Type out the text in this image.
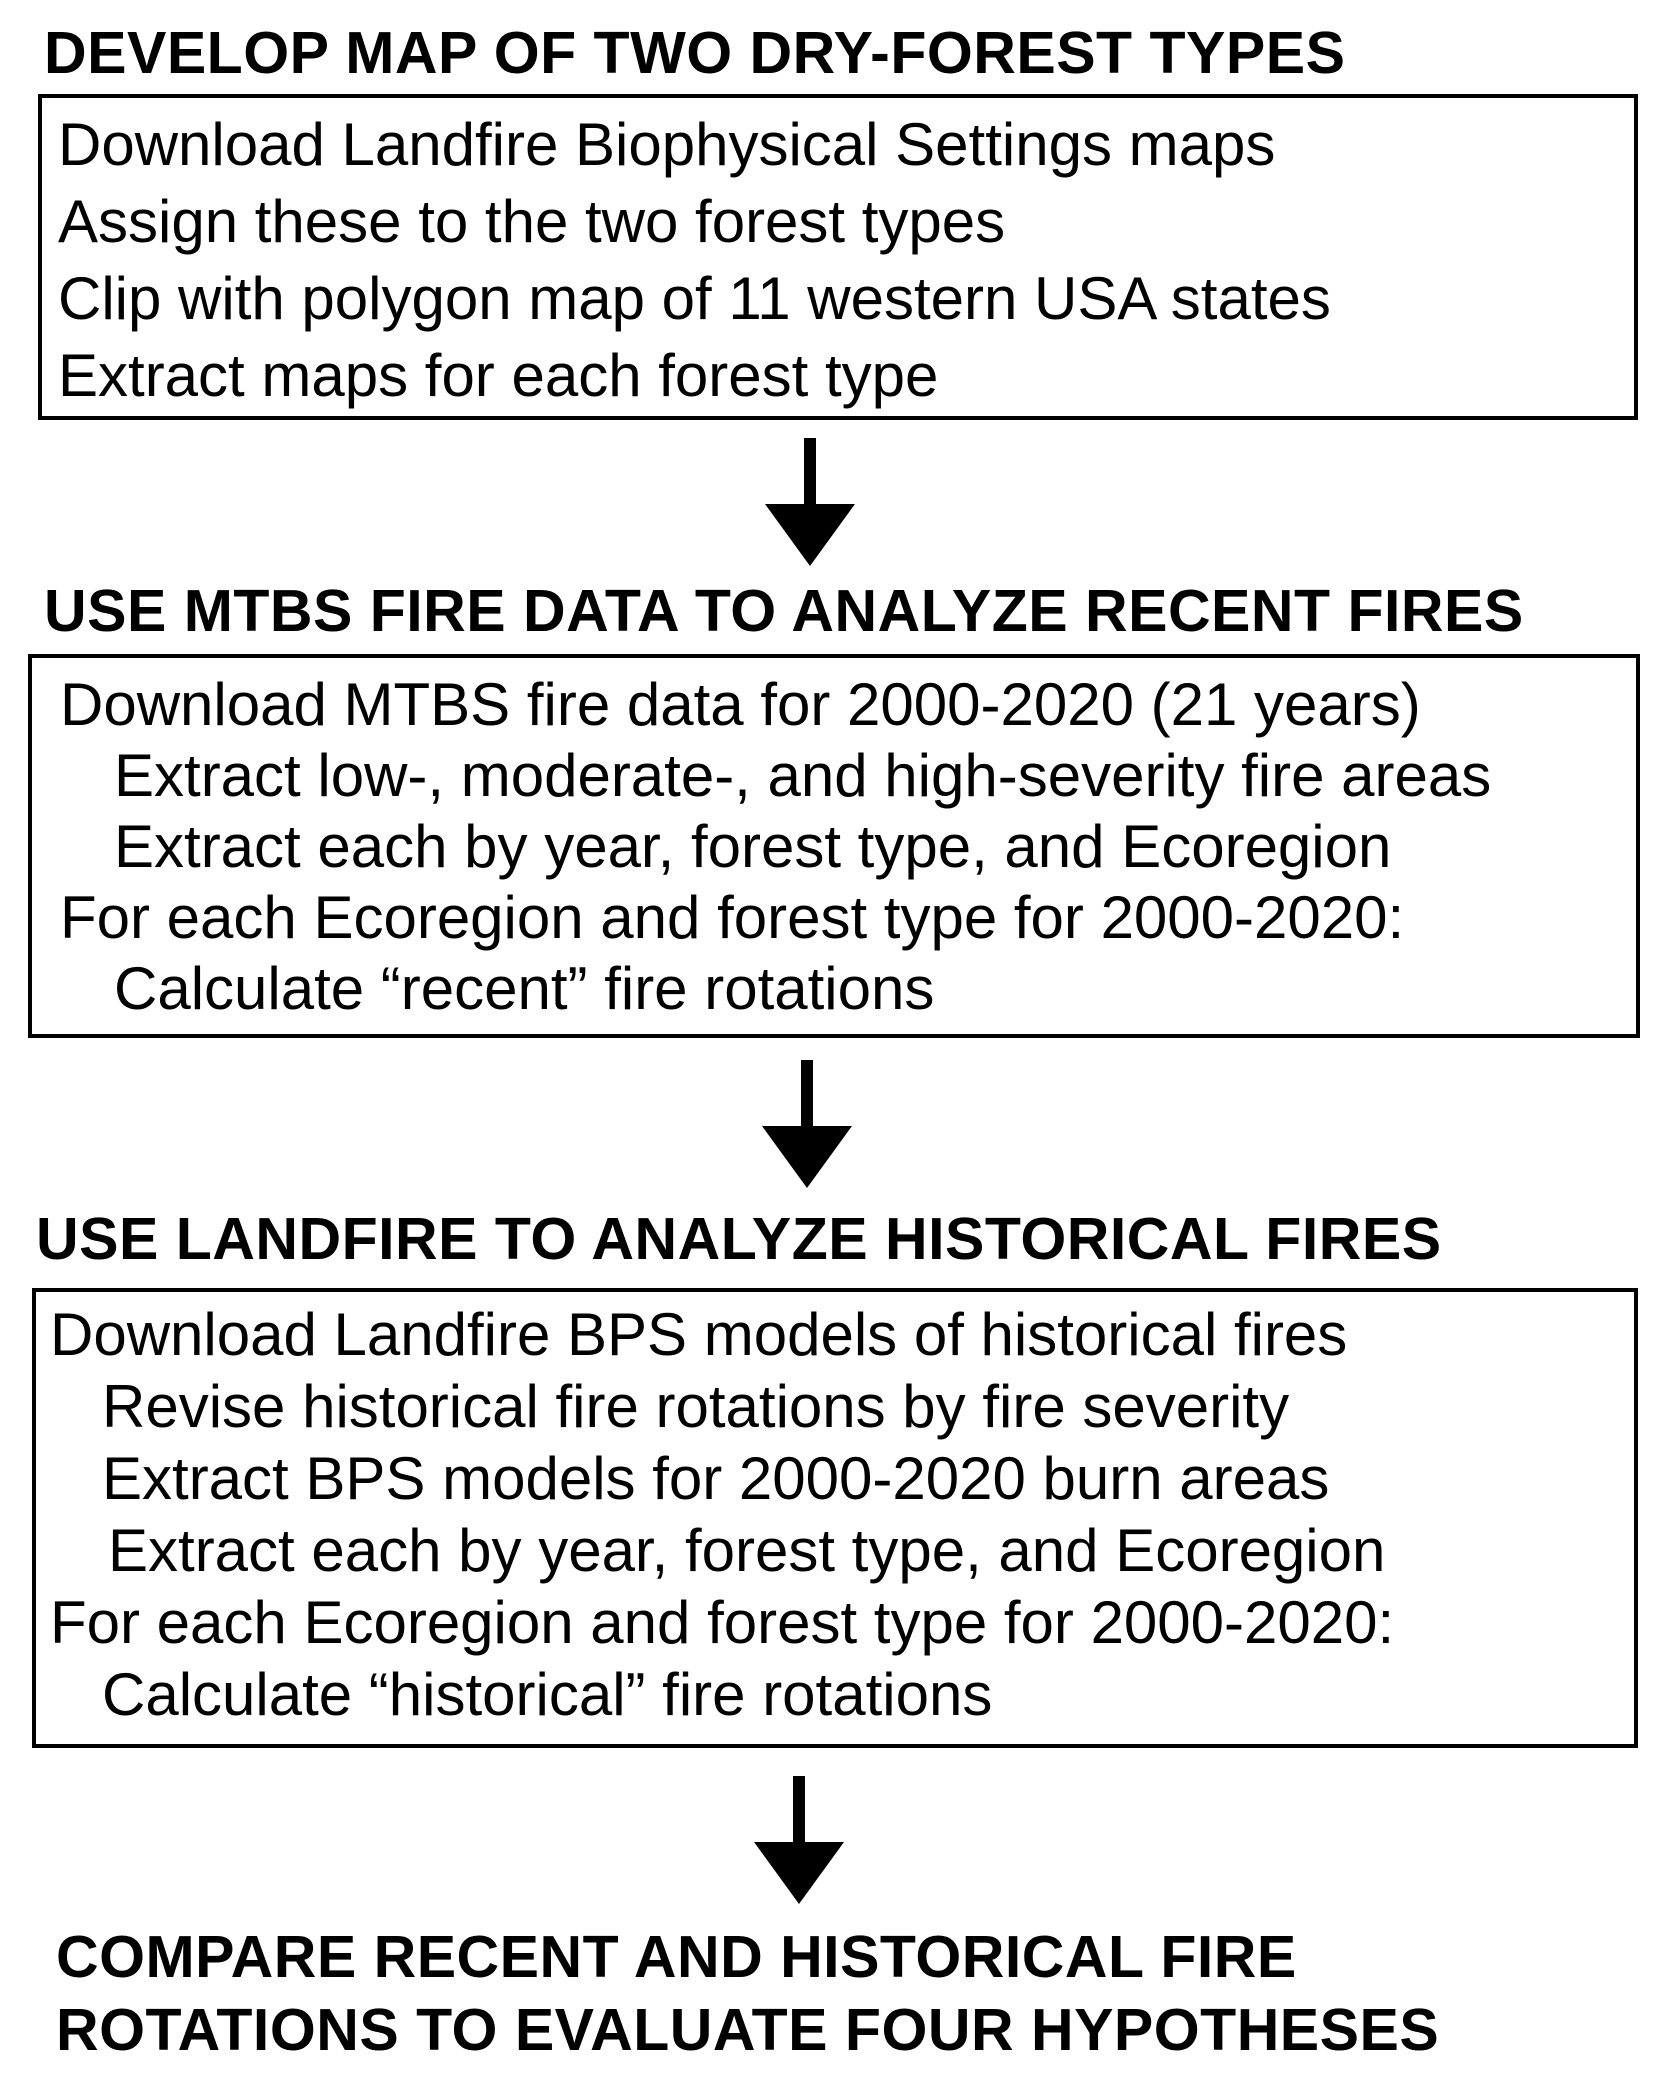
DEVELOP MAP OF TWO DRY-FOREST TYPES
Download Landfire Biophysical Settings maps
Assign these to the two forest types
Clip with polygon map of 11 western USA states
Extract maps for each forest type
USE MTBS FIRE DATA TO ANALYZE RECENT FIRES
Download MTBS fire data for 2000-2020 (21 years)
Extract low-, moderate-, and high-severity fire areas
Extract each by year, forest type, and Ecoregion
For each Ecoregion and forest type for 2000-2020:
Calculate “recent” fire rotations
USE LANDFIRE TO ANALYZE HISTORICAL FIRES
Download Landfire BPS models of historical fires
Revise historical fire rotations by fire severity
Extract BPS models for 2000-2020 burn areas
Extract each by year, forest type, and Ecoregion
For each Ecoregion and forest type for 2000-2020:
Calculate “historical” fire rotations
COMPARE RECENT AND HISTORICAL FIRE
ROTATIONS TO EVALUATE FOUR HYPOTHESES
